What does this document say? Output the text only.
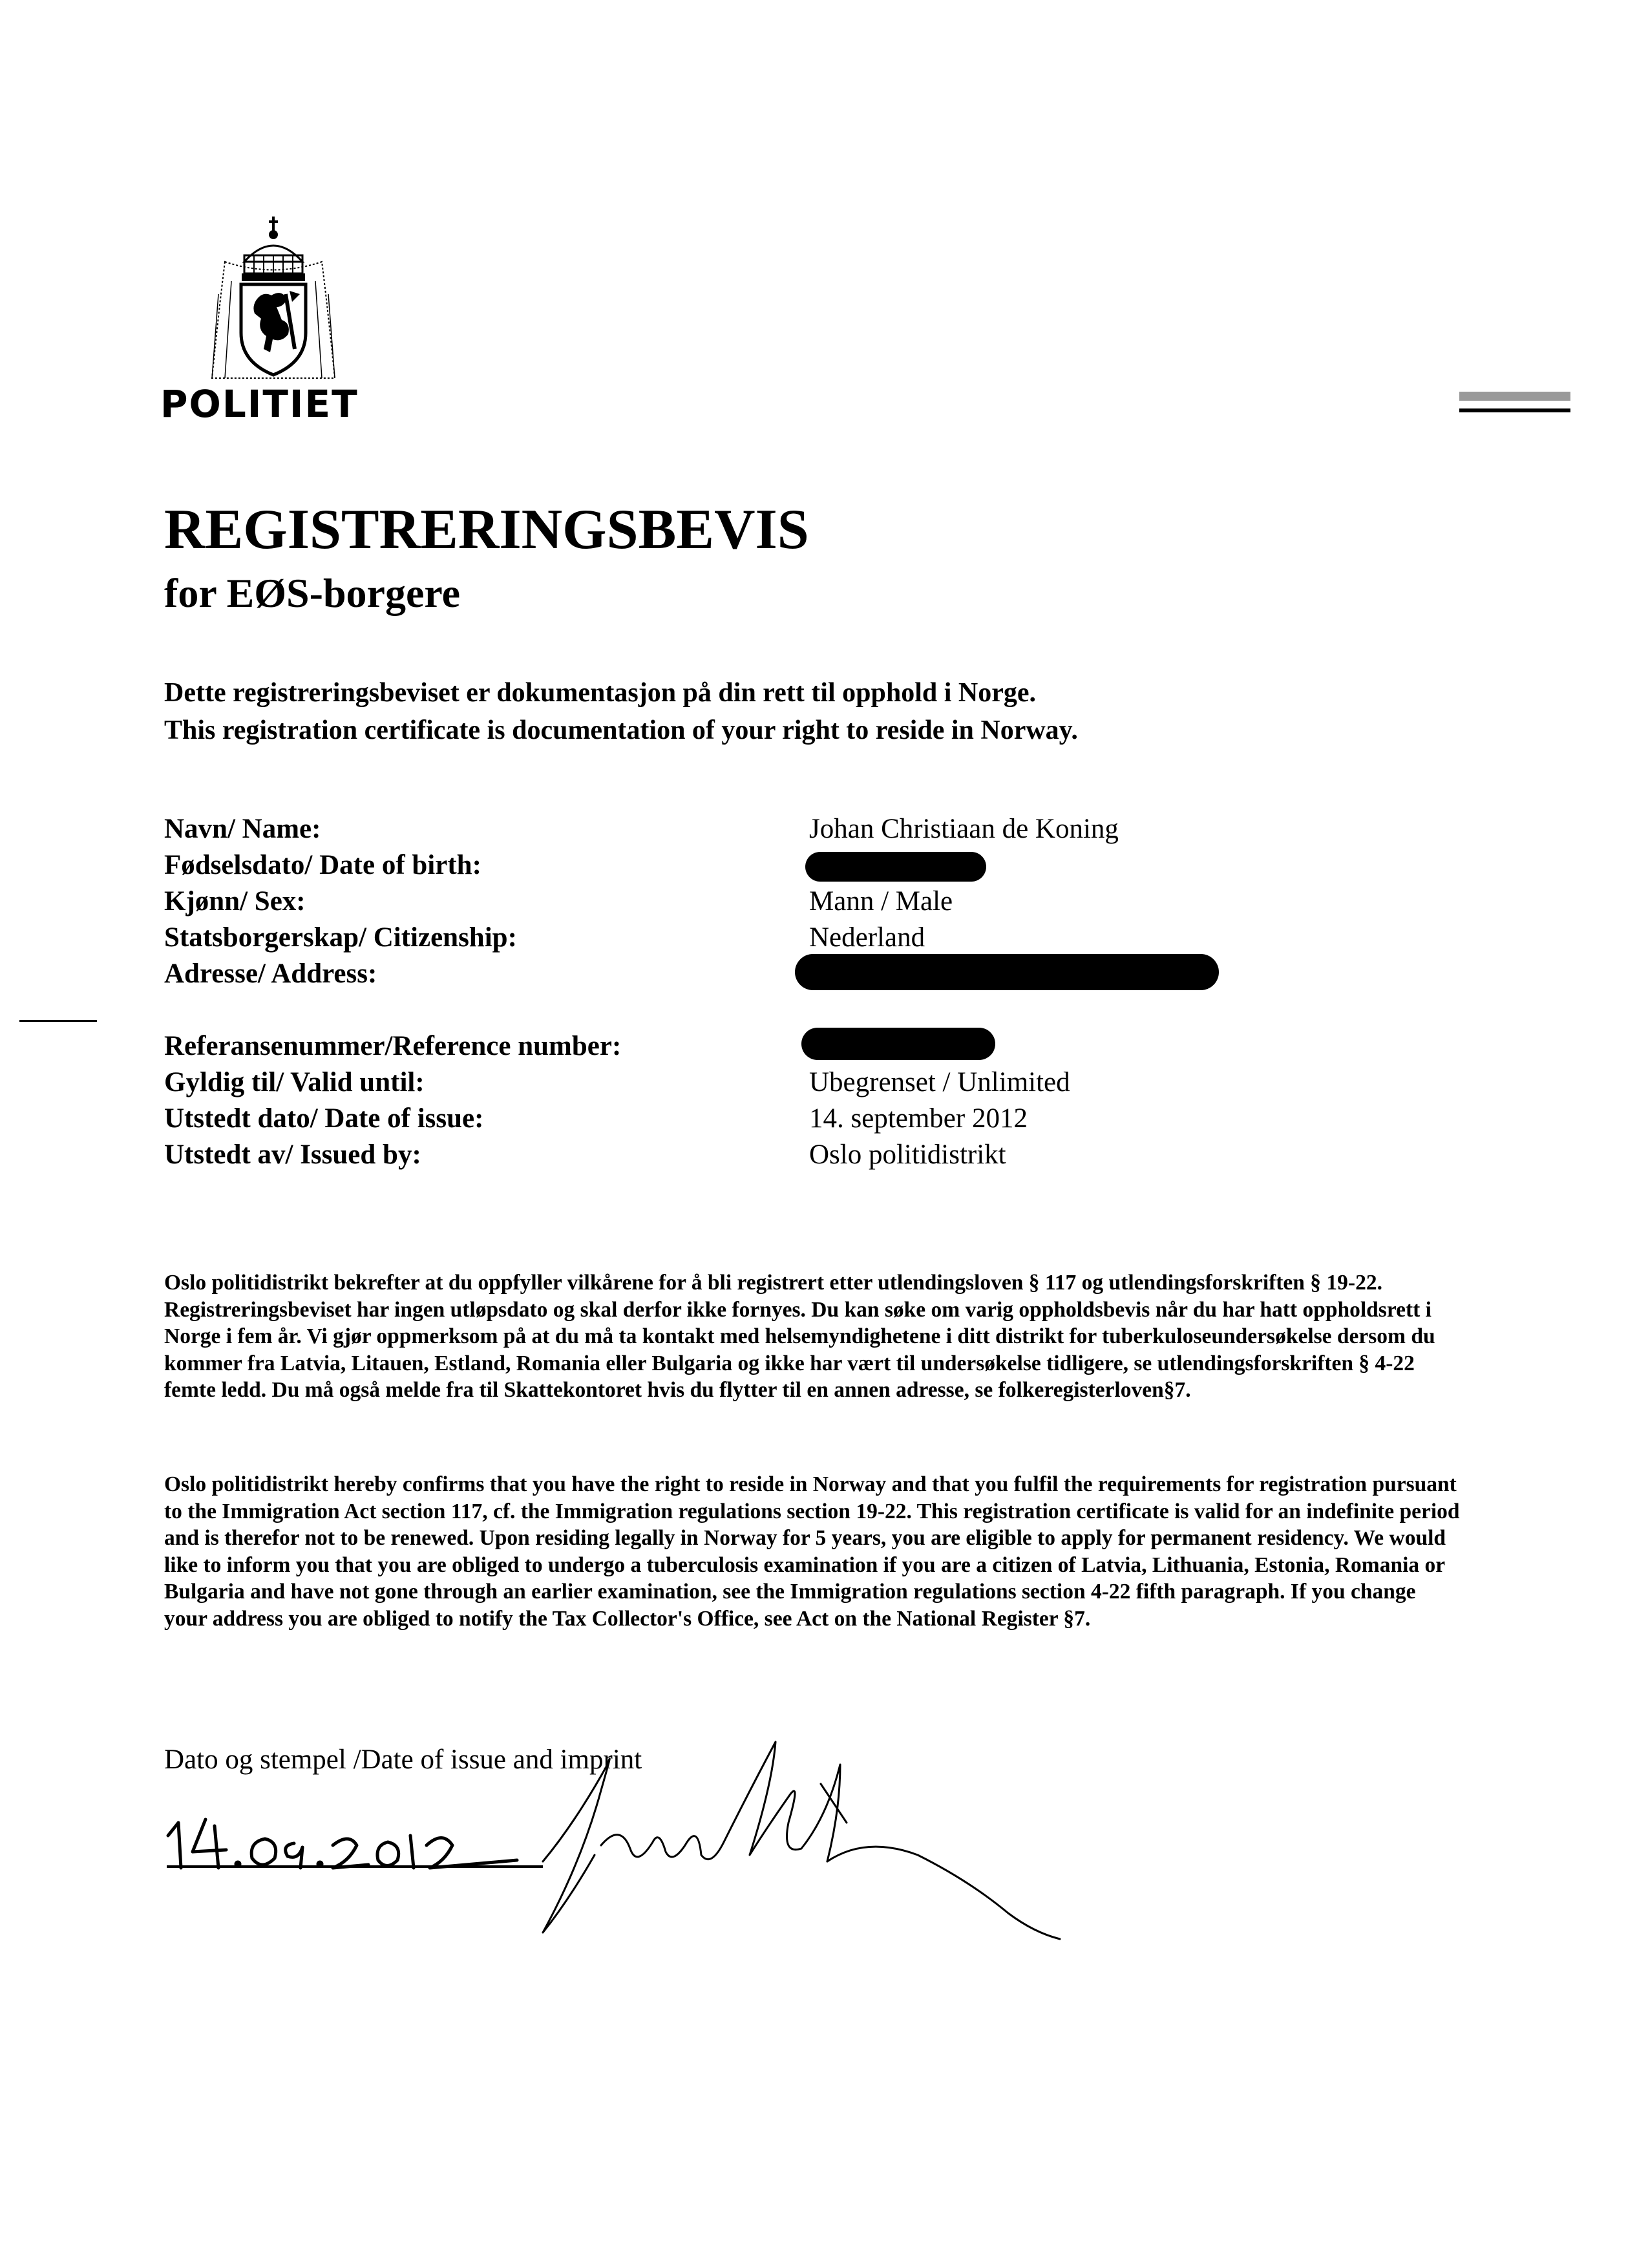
POLITIET
REGISTRERINGSBEVIS
for EØS-borgere
Dette registreringsbeviset er dokumentasjon på din rett til opphold i Norge.
This registration certificate is documentation of your right to reside in Norway.
Navn/ Name:	Johan Christiaan de Koning
Fødselsdato/ Date of birth:
Kjønn/ Sex:	Mann / Male
Statsborgerskap/ Citizenship:	Nederland
Adresse/ Address:
Referansenummer/Reference number:
Gyldig til/ Valid until:	Ubegrenset / Unlimited
Utstedt dato/ Date of issue:	14. september 2012
Utstedt av/ Issued by:	Oslo politidistrikt
Oslo politidistrikt bekrefter at du oppfyller vilkårene for å bli registrert etter utlendingsloven § 117 og utlendingsforskriften § 19-22. Registreringsbeviset har ingen utløpsdato og skal derfor ikke fornyes. Du kan søke om varig oppholdsbevis når du har hatt oppholdsrett i Norge i fem år. Vi gjør oppmerksom på at du må ta kontakt med helsemyndighetene i ditt distrikt for tuberkuloseundersøkelse dersom du kommer fra Latvia, Litauen, Estland, Romania eller Bulgaria og ikke har vært til undersøkelse tidligere, se utlendingsforskriften § 4-22 femte ledd. Du må også melde fra til Skattekontoret hvis du flytter til en annen adresse, se folkeregisterloven§7.
Oslo politidistrikt hereby confirms that you have the right to reside in Norway and that you fulfil the requirements for registration pursuant to the Immigration Act section 117, cf. the Immigration regulations section 19-22. This registration certificate is valid for an indefinite period and is therefor not to be renewed. Upon residing legally in Norway for 5 years, you are eligible to apply for permanent residency. We would like to inform you that you are obliged to undergo a tuberculosis examination if you are a citizen of Latvia, Lithuania, Estonia, Romania or Bulgaria and have not gone through an earlier examination, see the Immigration regulations section 4-22 fifth paragraph. If you change your address you are obliged to notify the Tax Collector's Office, see Act on the National Register §7.
Dato og stempel /Date of issue and imprint
